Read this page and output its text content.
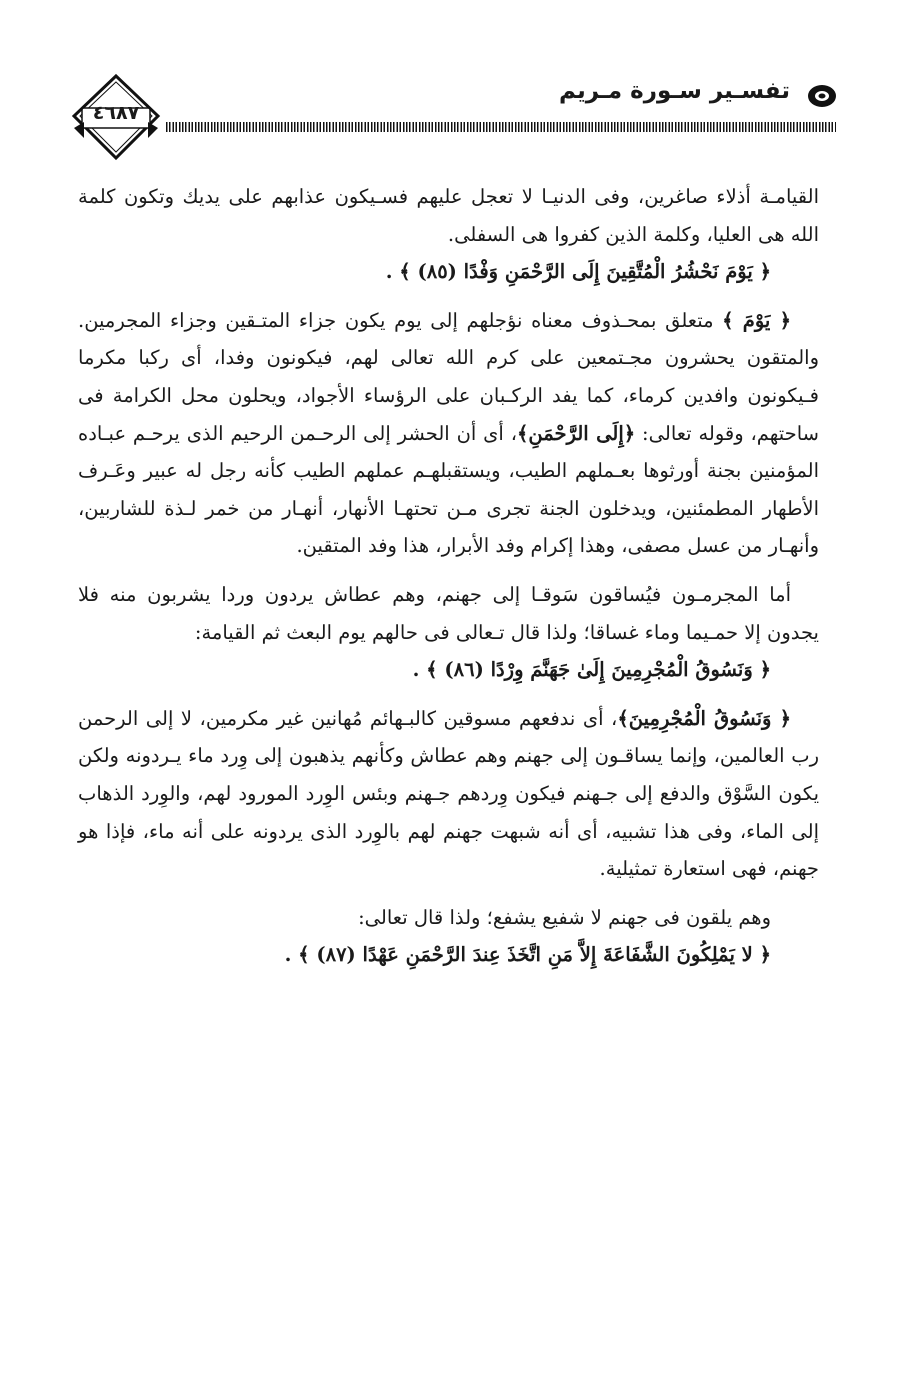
٤٦٨٧
تفسـير سـورة مـريم

القيامـة أذلاء صاغرين، وفى الدنيـا لا تعجل عليهم فسـيكون عذابهم على يديك وتكون كلمة الله هى العليا، وكلمة الذين كفروا هى السفلى.

﴿ يَوْمَ نَحْشُرُ الْمُتَّقِينَ إِلَى الرَّحْمَنِ وَفْدًا (٨٥) ﴾ .

﴿ يَوْمَ ﴾ متعلق بمحـذوف معناه نؤجلهم إلى يوم يكون جزاء المتـقين وجزاء المجرمين. والمتقون يحشرون مجـتمعين على كرم الله تعالى لهم، فيكونون وفدا، أى ركبا مكرما فـيكونون وافدين كرماء، كما يفد الركـبان على الرؤساء الأجواد، ويحلون محل الكرامة فى ساحتهم، وقوله تعالى: ﴿إِلَى الرَّحْمَنِ﴾، أى أن الحشر إلى الرحـمن الرحيم الذى يرحـم عبـاده المؤمنين بجنة أورثوها بعـملهم الطيب، ويستقبلهـم عملهم الطيب كأنه رجل له عبير وعَـرف الأطهار المطمئنين، ويدخلون الجنة تجرى مـن تحتهـا الأنهار، أنهـار من خمر لـذة للشاربين، وأنهـار من عسل مصفى، وهذا إكرام وفد الأبرار، هذا وفد المتقين.

أما المجرمـون فيُساقون سَوقـا إلى جهنم، وهم عطاش يردون وردا يشربون منه فلا يجدون إلا حمـيما وماء غساقا؛ ولذا قال تـعالى فى حالهم يوم البعث ثم القيامة:

﴿ وَنَسُوقُ الْمُجْرِمِينَ إِلَىٰ جَهَنَّمَ وِرْدًا (٨٦) ﴾ .

﴿ وَنَسُوقُ الْمُجْرِمِينَ﴾، أى ندفعهم مسوقين كالبـهائم مُهانين غير مكرمين، لا إلى الرحمن رب العالمين، وإنما يساقـون إلى جهنم وهم عطاش وكأنهم يذهبون إلى وِرد ماء يـردونه ولكن يكون السَّوْق والدفع إلى جـهنم فيكون وِردهم جـهنم وبئس الوِرد المورود لهم، والوِرد الذهاب إلى الماء، وفى هذا تشبيه، أى أنه شبهت جهنم لهم بالوِرد الذى يردونه على أنه ماء، فإذا هو جهنم، فهى استعارة تمثيلية.

وهم يلقون فى جهنم لا شفيع يشفع؛ ولذا قال تعالى:

﴿ لا يَمْلِكُونَ الشَّفَاعَةَ إِلاَّ مَنِ اتَّخَذَ عِندَ الرَّحْمَنِ عَهْدًا (٨٧) ﴾ .
